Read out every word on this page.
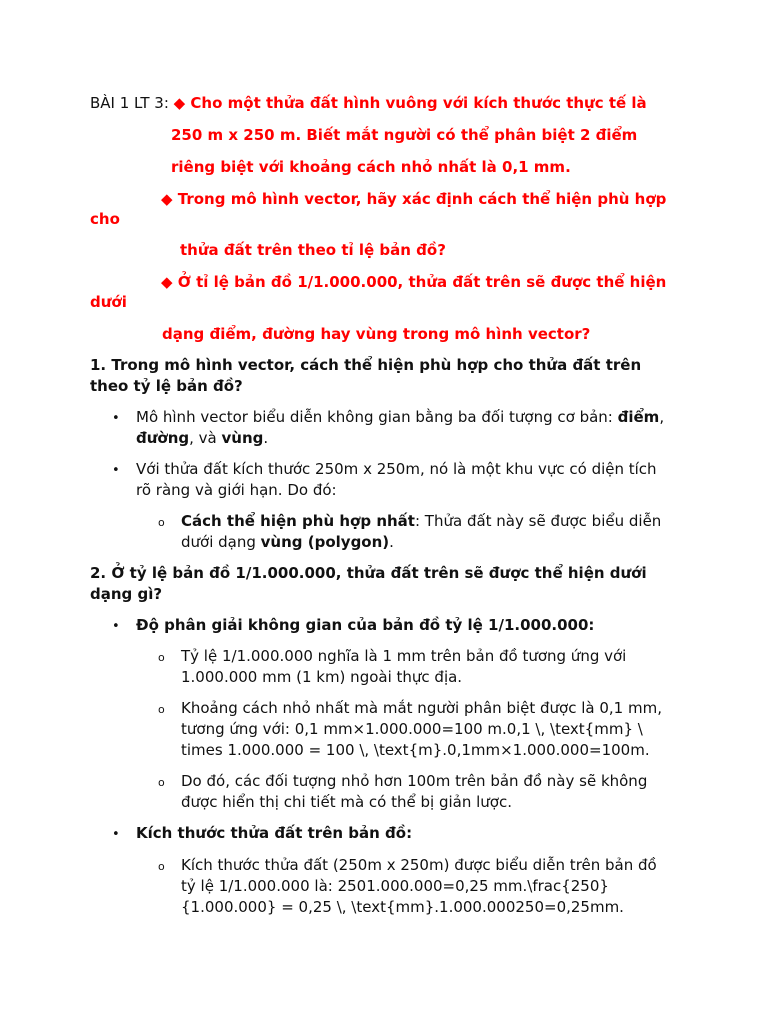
BÀI 1 LT 3: ◆ Cho một thửa đất hình vuông với kích thước thực tế là
250 m x 250 m. Biết mắt người có thể phân biệt 2 điểm
riêng biệt với khoảng cách nhỏ nhất là 0,1 mm.
◆ Trong mô hình vector, hãy xác định cách thể hiện phù hợp
cho
thửa đất trên theo tỉ lệ bản đồ?
◆ Ở tỉ lệ bản đồ 1/1.000.000, thửa đất trên sẽ được thể hiện
dưới
dạng điểm, đường hay vùng trong mô hình vector?
1. Trong mô hình vector, cách thể hiện phù hợp cho thửa đất trên theo tỷ lệ bản đồ?
• Mô hình vector biểu diễn không gian bằng ba đối tượng cơ bản: điểm,
đường, và vùng.
• Với thửa đất kích thước 250m x 250m, nó là một khu vực có diện tích rõ ràng và giới hạn. Do đó:
o Cách thể hiện phù hợp nhất: Thửa đất này sẽ được biểu diễn dưới dạng vùng (polygon).
2. Ở tỷ lệ bản đồ 1/1.000.000, thửa đất trên sẽ được thể hiện dưới dạng gì?
• Độ phân giải không gian của bản đồ tỷ lệ 1/1.000.000:
o Tỷ lệ 1/1.000.000 nghĩa là 1 mm trên bản đồ tương ứng với 1.000.000 mm (1 km) ngoài thực địa.
o Khoảng cách nhỏ nhất mà mắt người phân biệt được là 0,1 mm, tương ứng với: 0,1 mm×1.000.000=100 m.0,1 \, \text{mm} \ times 1.000.000 = 100 \, \text{m}.0,1mm×1.000.000=100m.
o Do đó, các đối tượng nhỏ hơn 100m trên bản đồ này sẽ không được hiển thị chi tiết mà có thể bị giản lược.
• Kích thước thửa đất trên bản đồ:
o Kích thước thửa đất (250m x 250m) được biểu diễn trên bản đồ tỷ lệ 1/1.000.000 là: 2501.000.000=0,25 mm.\frac{250}{1.000.000} = 0,25 \, \text{mm}.1.000.000250=0,25mm.
